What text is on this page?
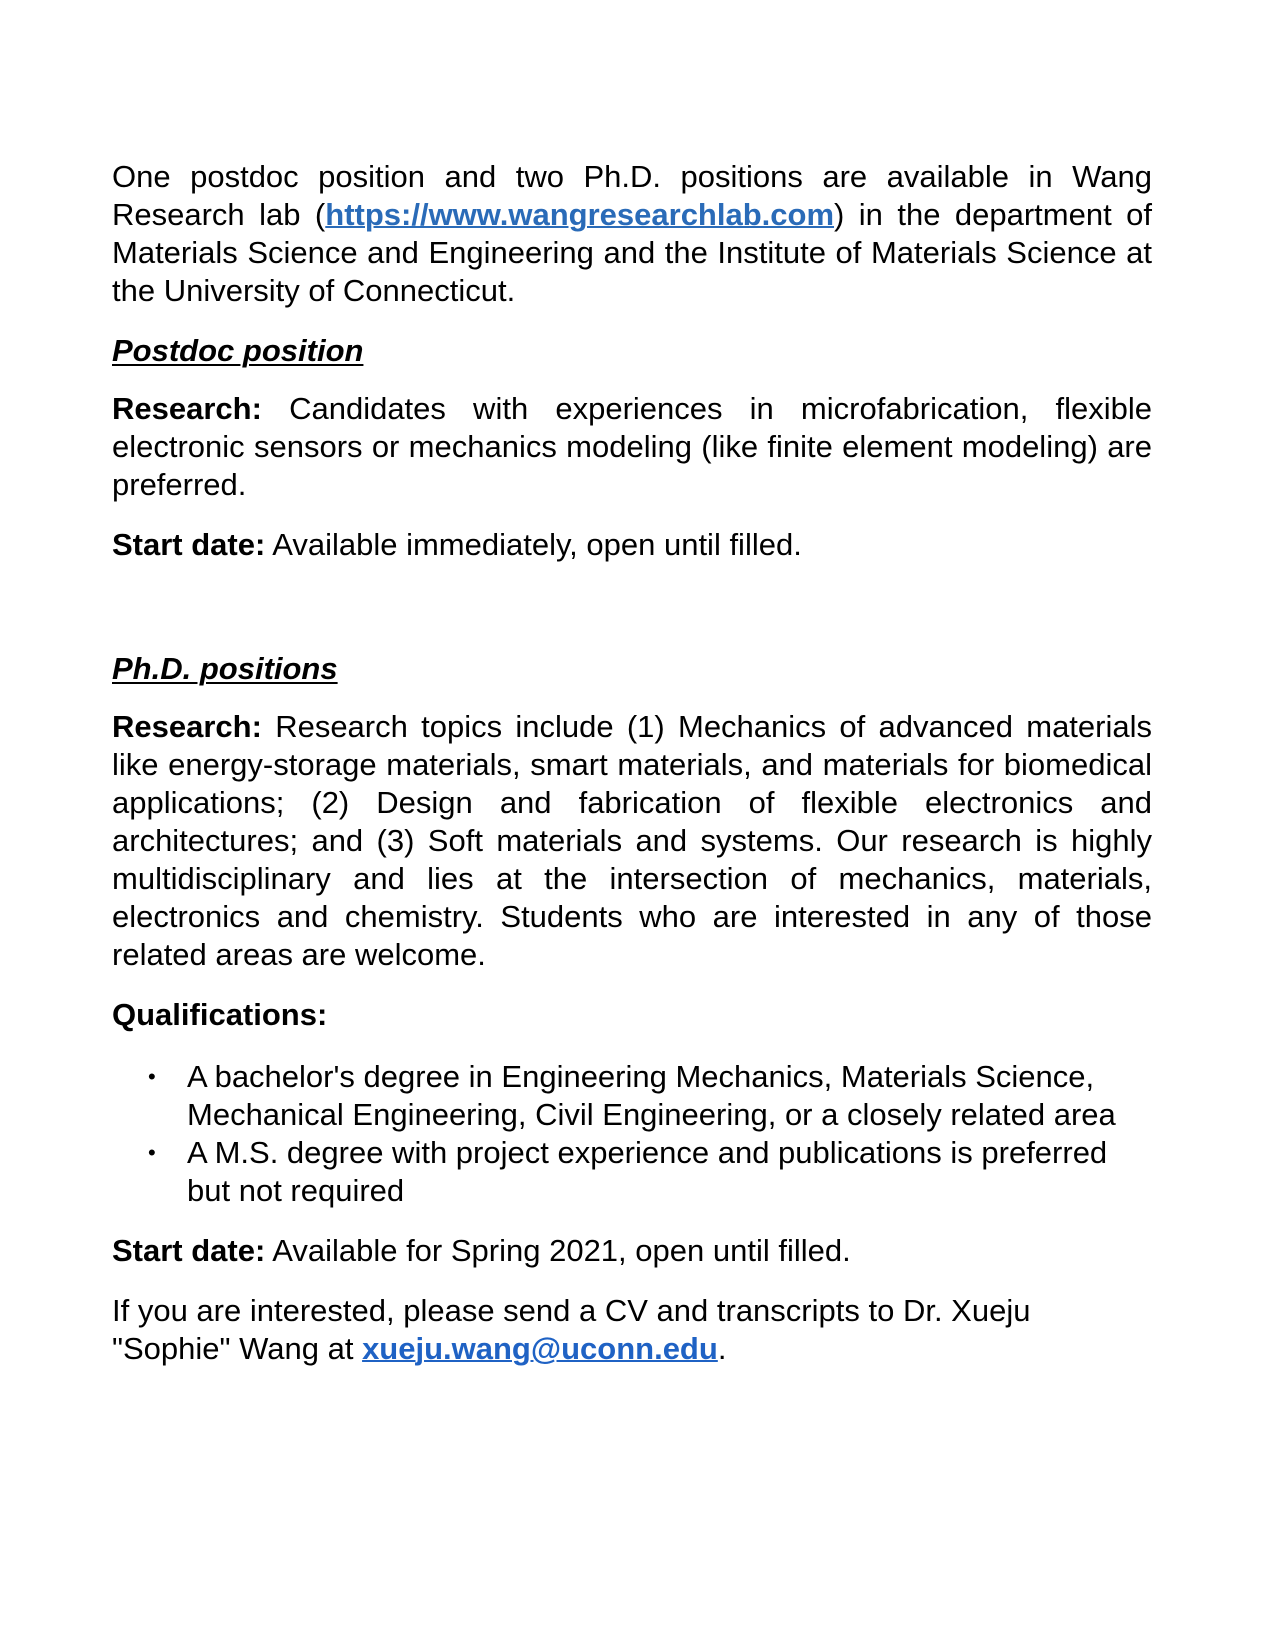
One postdoc position and two Ph.D. positions are available in Wang Research lab (https://www.wangresearchlab.com) in the department of Materials Science and Engineering and the Institute of Materials Science at the University of Connecticut.

Postdoc position

Research: Candidates with experiences in microfabrication, flexible electronic sensors or mechanics modeling (like finite element modeling) are preferred.

Start date: Available immediately, open until filled.

Ph.D. positions

Research: Research topics include (1) Mechanics of advanced materials like energy-storage materials, smart materials, and materials for biomedical applications; (2) Design and fabrication of flexible electronics and architectures; and (3) Soft materials and systems. Our research is highly multidisciplinary and lies at the intersection of mechanics, materials, electronics and chemistry. Students who are interested in any of those related areas are welcome.

Qualifications:

• A bachelor's degree in Engineering Mechanics, Materials Science, Mechanical Engineering, Civil Engineering, or a closely related area
• A M.S. degree with project experience and publications is preferred but not required

Start date: Available for Spring 2021, open until filled.

If you are interested, please send a CV and transcripts to Dr. Xueju "Sophie" Wang at xueju.wang@uconn.edu.
